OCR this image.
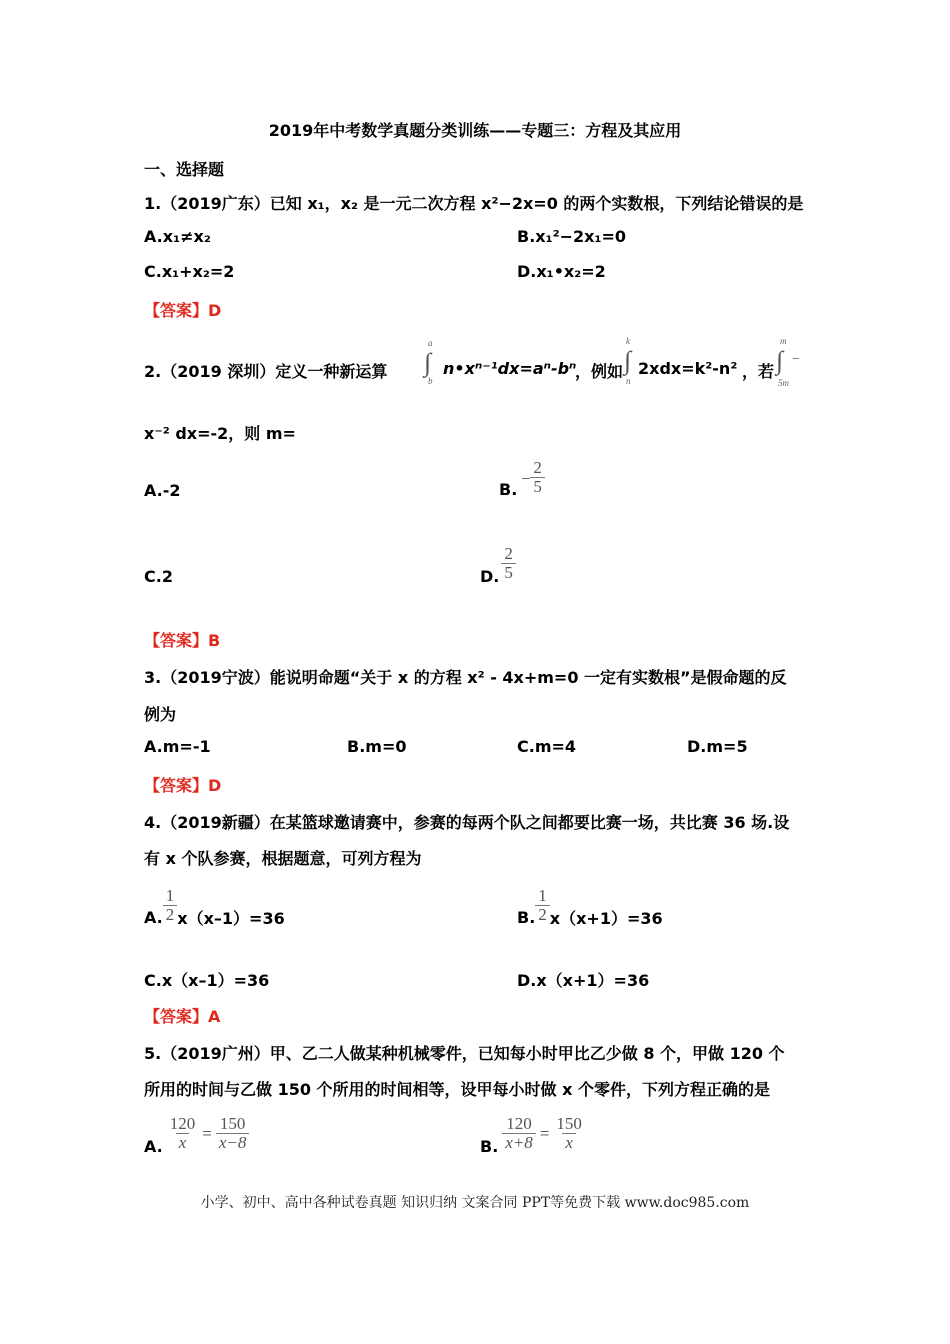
2019年中考数学真题分类训练——专题三：方程及其应用
一、选择题
1.（2019广东）已知 x₁，x₂ 是一元二次方程 x²−2x=0 的两个实数根，下列结论错误的是
A.x₁≠x₂	B.x₁²−2x₁=0
C.x₁+x₂=2	D.x₁•x₂=2
【答案】D
2.（2019 深圳）定义一种新运算
a
∫
b
n•xⁿ⁻¹dx=aⁿ-bⁿ
，例如
k
∫
n
2xdx=k²-n² ，若
m
∫ −
5m
x⁻² dx=-2，则 m=
A.-2	B.
− $\frac{2}{5}$
C.2	D. $\frac{2}{5}$
【答案】B
3.（2019宁波）能说明命题“关于 x 的方程 x² - 4x+m=0 一定有实数根”是假命题的反
例为
A.m=-1	B.m=0	C.m=4	D.m=5
【答案】D
4.（2019新疆）在某篮球邀请赛中，参赛的每两个队之间都要比赛一场，共比赛 36 场.设
有 x 个队参赛，根据题意，可列方程为
A. $\frac{1}{2} x(x-1)=36$	B. $\frac{1}{2} x(x+1)=36$
C.x（x–1）=36	D.x（x+1）=36
【答案】A
5.（2019广州）甲、乙二人做某种机械零件，已知每小时甲比乙少做 8 个，甲做 120 个
所用的时间与乙做 150 个所用的时间相等，设甲每小时做 x 个零件，下列方程正确的是
A. $\frac{120}{x} = \frac{150}{x-8}$	B. $\frac{120}{x+8} = \frac{150}{x}$
小学、初中、高中各种试卷真题 知识归纳 文案合同 PPT等免费下载 www.doc985.com
